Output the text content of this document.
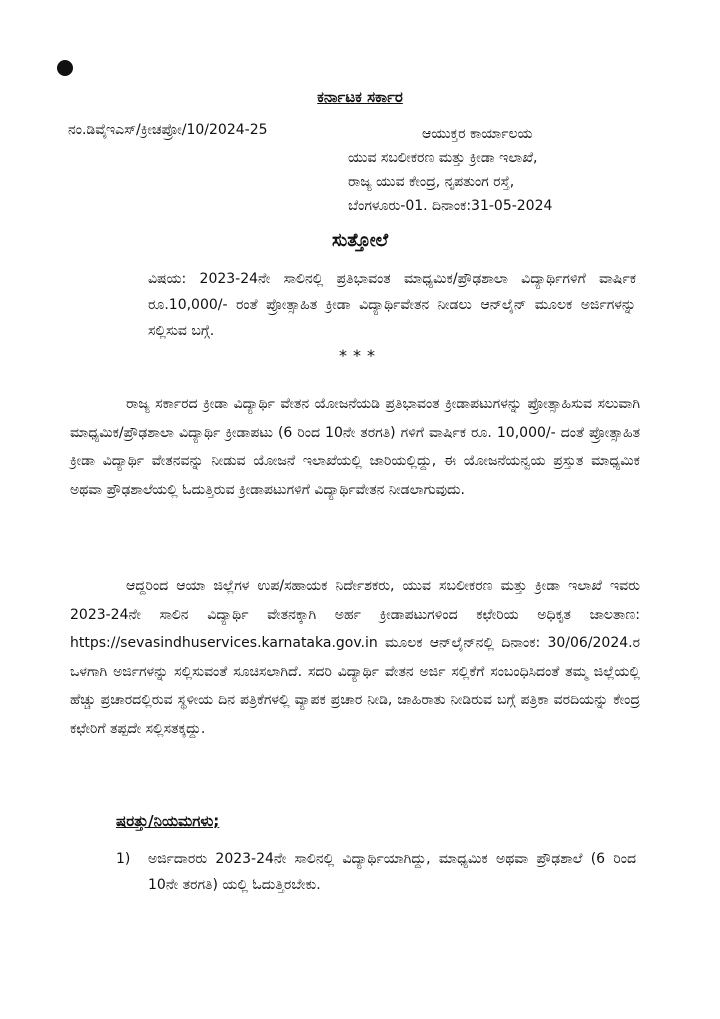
ಕರ್ನಾಟಕ ಸರ್ಕಾರ
ನಂ.ಡಿವೈಇಎಸ್/ಕ್ರೀಚಪ್ರೋ/10/2024-25	ಆಯುಕ್ತರ ಕಾರ್ಯಾಲಯ
ಯುವ ಸಬಲೀಕರಣ ಮತ್ತು ಕ್ರೀಡಾ ಇಲಾಖೆ,
ರಾಜ್ಯ ಯುವ ಕೇಂದ್ರ, ನೃಪತುಂಗ ರಸ್ತೆ,
ಬೆಂಗಳೂರು-01. ದಿನಾಂಕ:31-05-2024
ಸುತ್ತೋಲೆ
ವಿಷಯ: 2023-24ನೇ ಸಾಲಿನಲ್ಲಿ ಪ್ರತಿಭಾವಂತ ಮಾಧ್ಯಮಿಕ/ಪ್ರೌಢಶಾಲಾ ವಿದ್ಯಾರ್ಥಿಗಳಿಗೆ ವಾರ್ಷಿಕ ರೂ.10,000/- ರಂತೆ ಪ್ರೋತ್ಸಾಹಿತ ಕ್ರೀಡಾ ವಿದ್ಯಾರ್ಥಿವೇತನ ನೀಡಲು ಆನ್‌ಲೈನ್ ಮೂಲಕ ಅರ್ಜಿಗಳನ್ನು ಸಲ್ಲಿಸುವ ಬಗ್ಗೆ.
***
ರಾಜ್ಯ ಸರ್ಕಾರದ ಕ್ರೀಡಾ ವಿದ್ಯಾರ್ಥಿ ವೇತನ ಯೋಜನೆಯಡಿ ಪ್ರತಿಭಾವಂತ ಕ್ರೀಡಾಪಟುಗಳನ್ನು ಪ್ರೋತ್ಸಾಹಿಸುವ ಸಲುವಾಗಿ ಮಾಧ್ಯಮಿಕ/ಪ್ರೌಢಶಾಲಾ ವಿದ್ಯಾರ್ಥಿ ಕ್ರೀಡಾಪಟು (6 ರಿಂದ 10ನೇ ತರಗತಿ) ಗಳಿಗೆ ವಾರ್ಷಿಕ ರೂ. 10,000/- ದಂತೆ ಪ್ರೋತ್ಸಾಹಿತ ಕ್ರೀಡಾ ವಿದ್ಯಾರ್ಥಿ ವೇತನವನ್ನು ನೀಡುವ ಯೋಜನೆ ಇಲಾಖೆಯಲ್ಲಿ ಜಾರಿಯಲ್ಲಿದ್ದು, ಈ ಯೋಜನೆಯನ್ವಯ ಪ್ರಸ್ತುತ ಮಾಧ್ಯಮಿಕ ಅಥವಾ ಪ್ರೌಢಶಾಲೆಯಲ್ಲಿ ಓದುತ್ತಿರುವ ಕ್ರೀಡಾಪಟುಗಳಿಗೆ ವಿದ್ಯಾರ್ಥಿವೇತನ ನೀಡಲಾಗುವುದು.
ಆದ್ದರಿಂದ ಆಯಾ ಜಿಲ್ಲೆಗಳ ಉಪ/ಸಹಾಯಕ ನಿರ್ದೇಶಕರು, ಯುವ ಸಬಲೀಕರಣ ಮತ್ತು ಕ್ರೀಡಾ ಇಲಾಖೆ ಇವರು 2023-24ನೇ ಸಾಲಿನ ವಿದ್ಯಾರ್ಥಿ ವೇತನಕ್ಕಾಗಿ ಅರ್ಹ ಕ್ರೀಡಾಪಟುಗಳಿಂದ ಕಛೇರಿಯ ಅಧಿಕೃತ ಜಾಲತಾಣ: https://sevasindhuservices.karnataka.gov.in ಮೂಲಕ ಆನ್‌ಲೈನ್‌ನಲ್ಲಿ ದಿನಾಂಕ: 30/06/2024.ರ ಒಳಗಾಗಿ ಅರ್ಜಿಗಳನ್ನು ಸಲ್ಲಿಸುವಂತೆ ಸೂಚಿಸಲಾಗಿದೆ. ಸದರಿ ವಿದ್ಯಾರ್ಥಿ ವೇತನ ಅರ್ಜಿ ಸಲ್ಲಿಕೆಗೆ ಸಂಬಂಧಿಸಿದಂತೆ ತಮ್ಮ ಜಿಲ್ಲೆಯಲ್ಲಿ ಹೆಚ್ಚು ಪ್ರಚಾರದಲ್ಲಿರುವ ಸ್ಥಳೀಯ ದಿನ ಪತ್ರಿಕೆಗಳಲ್ಲಿ ವ್ಯಾಪಕ ಪ್ರಚಾರ ನೀಡಿ, ಜಾಹಿರಾತು ನೀಡಿರುವ ಬಗ್ಗೆ ಪತ್ರಿಕಾ ವರದಿಯನ್ನು ಕೇಂದ್ರ ಕಛೇರಿಗೆ ತಪ್ಪದೇ ಸಲ್ಲಿಸತಕ್ಕದ್ದು.
ಷರತ್ತು/ನಿಯಮಗಳು;
1) ಅರ್ಜಿದಾರರು 2023-24ನೇ ಸಾಲಿನಲ್ಲಿ ವಿದ್ಯಾರ್ಥಿಯಾಗಿದ್ದು, ಮಾಧ್ಯಮಿಕ ಅಥವಾ ಪ್ರೌಢಶಾಲೆ (6 ರಿಂದ 10ನೇ ತರಗತಿ) ಯಲ್ಲಿ ಓದುತ್ತಿರಬೇಕು.
